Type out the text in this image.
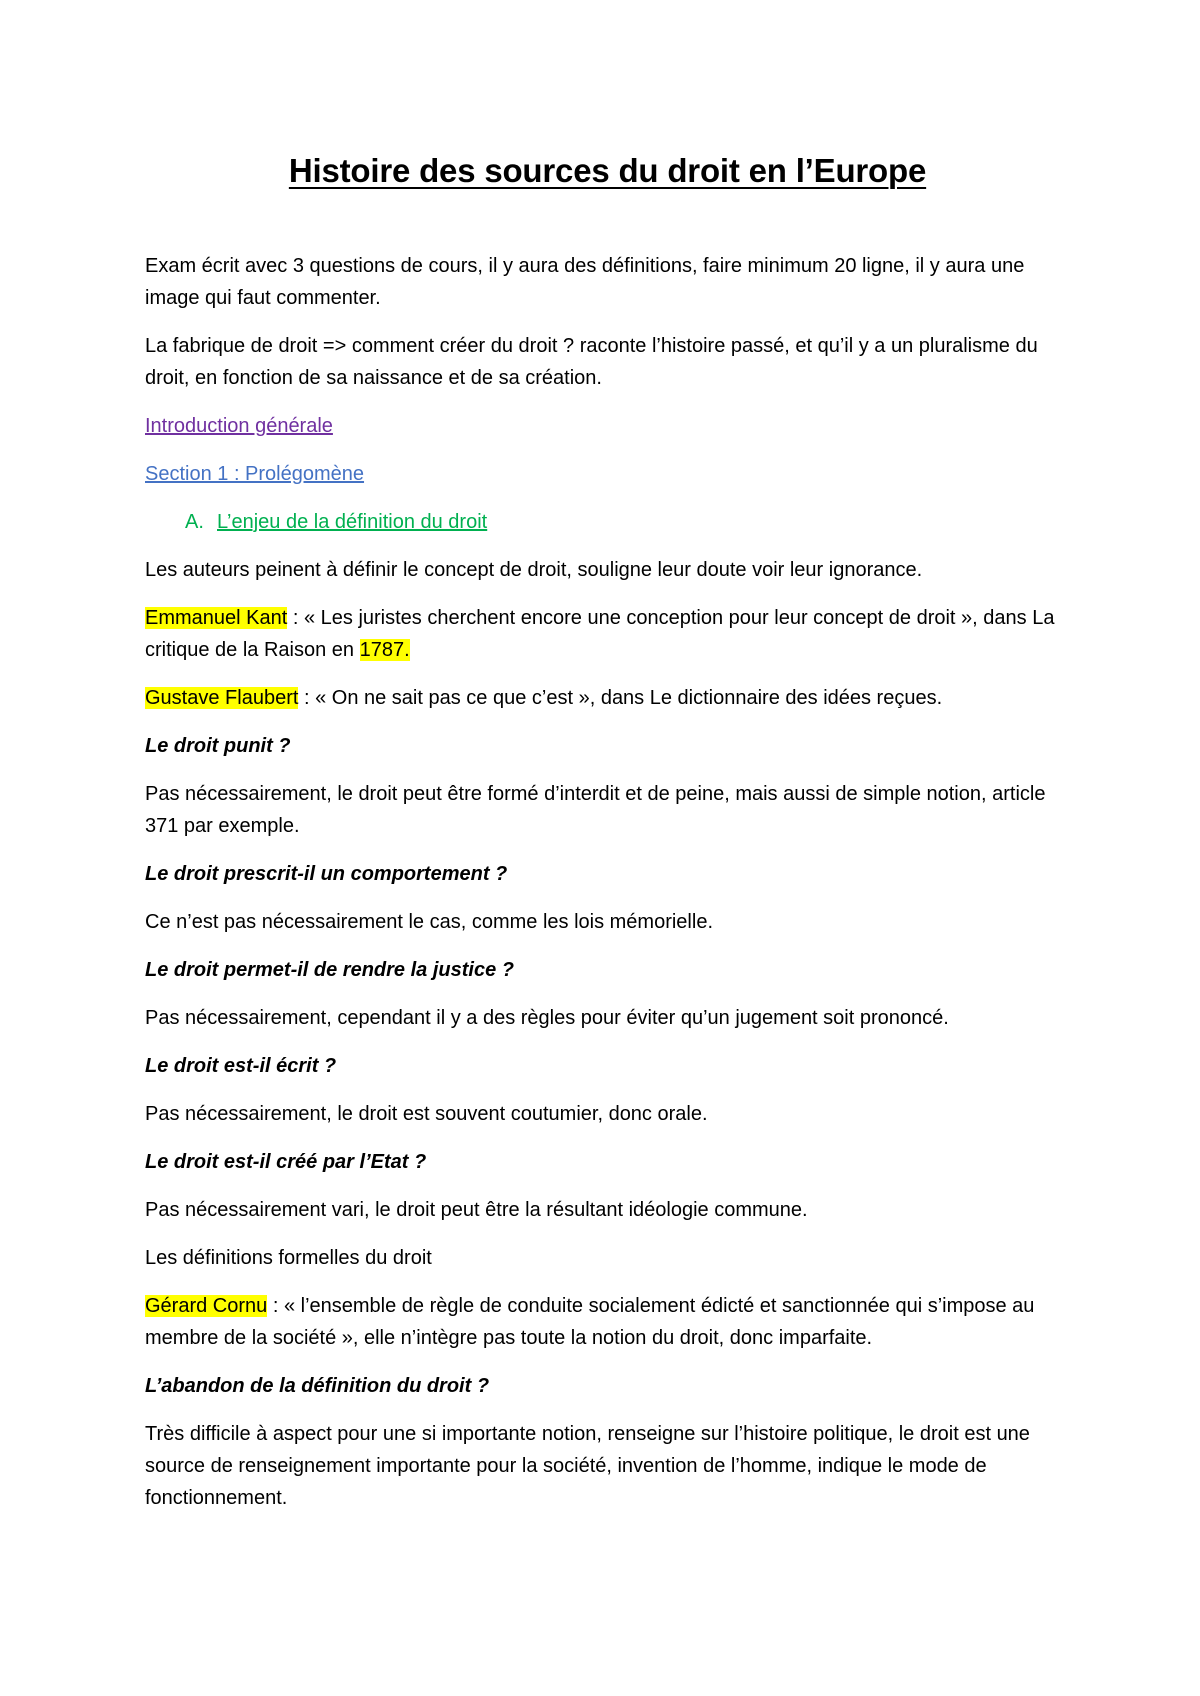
Histoire des sources du droit en l’Europe

Exam écrit avec 3 questions de cours, il y aura des définitions, faire minimum 20 ligne, il y aura une image qui faut commenter.

La fabrique de droit => comment créer du droit ? raconte l’histoire passé, et qu’il y a un pluralisme du droit, en fonction de sa naissance et de sa création.

Introduction générale

Section 1 : Prolégomène

A. L’enjeu de la définition du droit

Les auteurs peinent à définir le concept de droit, souligne leur doute voir leur ignorance.

Emmanuel Kant : « Les juristes cherchent encore une conception pour leur concept de droit », dans La critique de la Raison en 1787.

Gustave Flaubert : « On ne sait pas ce que c’est », dans Le dictionnaire des idées reçues.

Le droit punit ?

Pas nécessairement, le droit peut être formé d’interdit et de peine, mais aussi de simple notion, article 371 par exemple.

Le droit prescrit-il un comportement ?

Ce n’est pas nécessairement le cas, comme les lois mémorielle.

Le droit permet-il de rendre la justice ?

Pas nécessairement, cependant il y a des règles pour éviter qu’un jugement soit prononcé.

Le droit est-il écrit ?

Pas nécessairement, le droit est souvent coutumier, donc orale.

Le droit est-il créé par l’Etat ?

Pas nécessairement vari, le droit peut être la résultant idéologie commune.

Les définitions formelles du droit

Gérard Cornu : « l’ensemble de règle de conduite socialement édicté et sanctionnée qui s’impose au membre de la société », elle n’intègre pas toute la notion du droit, donc imparfaite.

L’abandon de la définition du droit ?

Très difficile à aspect pour une si importante notion, renseigne sur l’histoire politique, le droit est une source de renseignement importante pour la société, invention de l’homme, indique le mode de fonctionnement.
